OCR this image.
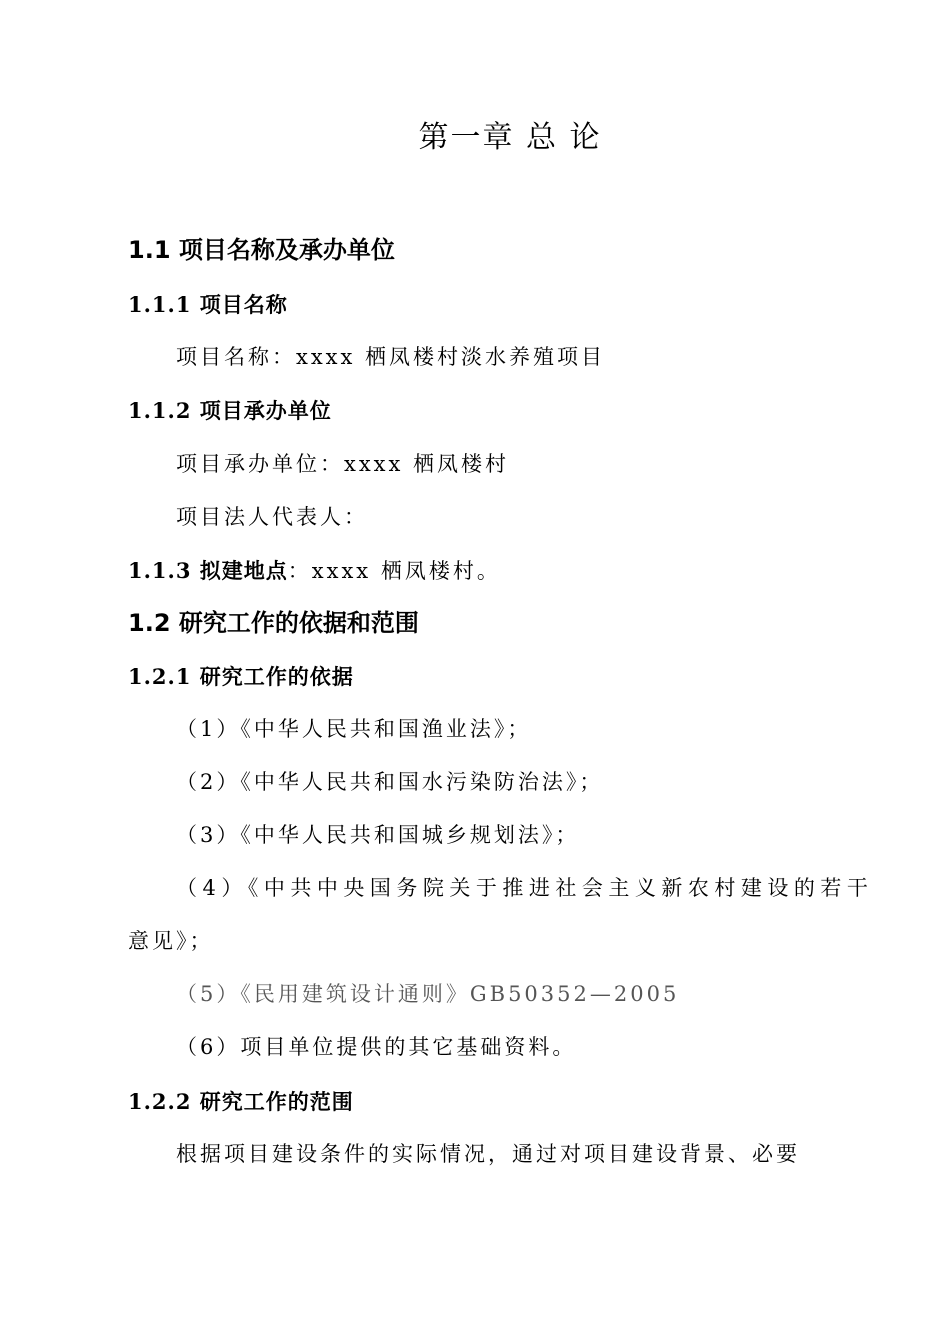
第一章 总 论
1.1 项目名称及承办单位
1.1.1 项目名称
项目名称：xxxx 栖凤楼村淡水养殖项目
1.1.2 项目承办单位
项目承办单位：xxxx 栖凤楼村
项目法人代表人：
1.1.3 拟建地点：xxxx 栖凤楼村。
1.2 研究工作的依据和范围
1.2.1 研究工作的依据
（1）《中华人民共和国渔业法》；
（2）《中华人民共和国水污染防治法》；
（3）《中华人民共和国城乡规划法》；
（4）《中共中央国务院关于推进社会主义新农村建设的若干
意见》；
（5）《民用建筑设计通则》GB50352—2005
（6）项目单位提供的其它基础资料。
1.2.2 研究工作的范围
根据项目建设条件的实际情况，通过对项目建设背景、必要
